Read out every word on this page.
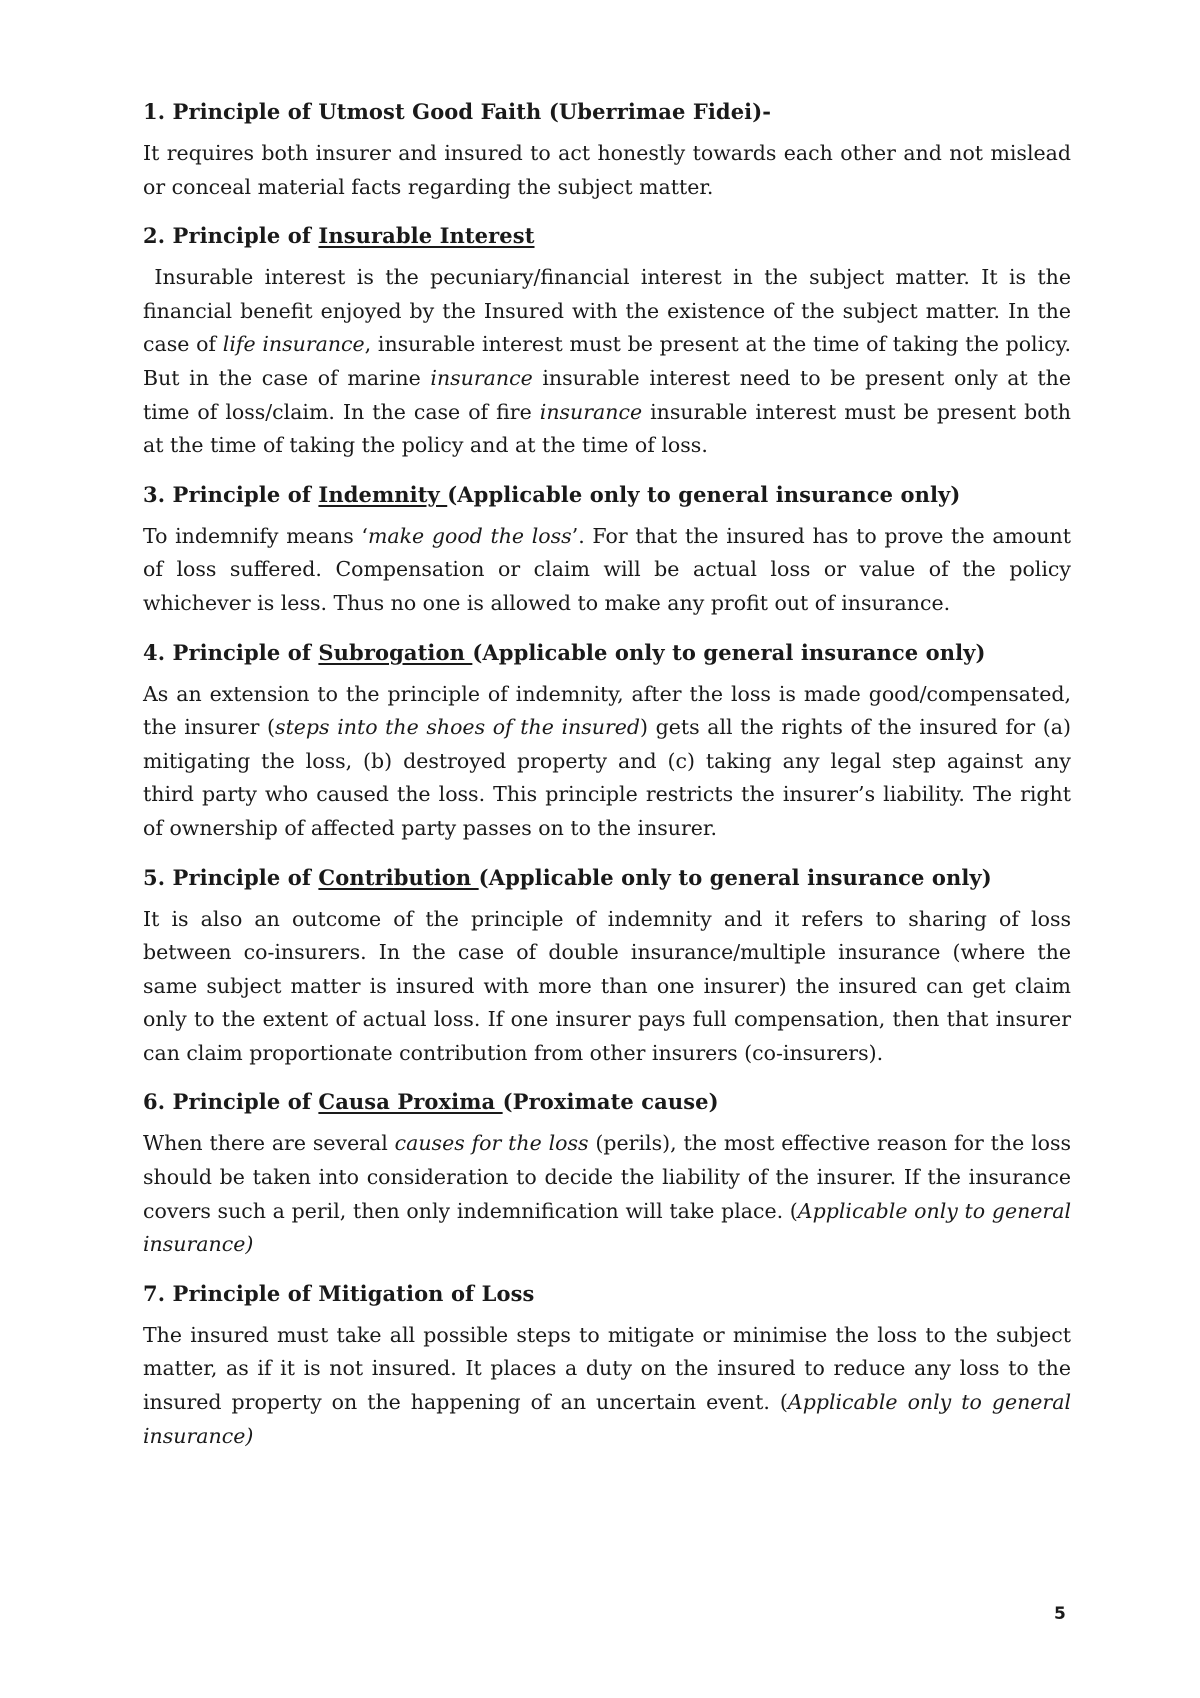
1. Principle of Utmost Good Faith (Uberrimae Fidei)-

It requires both insurer and insured to act honestly towards each other and not mislead or conceal material facts regarding the subject matter.

2. Principle of Insurable Interest

Insurable interest is the pecuniary/financial interest in the subject matter. It is the financial benefit enjoyed by the Insured with the existence of the subject matter. In the case of life insurance, insurable interest must be present at the time of taking the policy. But in the case of marine insurance insurable interest need to be present only at the time of loss/claim. In the case of fire insurance insurable interest must be present both at the time of taking the policy and at the time of loss.

3. Principle of Indemnity (Applicable only to general insurance only)

To indemnify means ‘make good the loss’. For that the insured has to prove the amount of loss suffered. Compensation or claim will be actual loss or value of the policy whichever is less. Thus no one is allowed to make any profit out of insurance.

4. Principle of Subrogation (Applicable only to general insurance only)

As an extension to the principle of indemnity, after the loss is made good/compensated, the insurer (steps into the shoes of the insured) gets all the rights of the insured for (a) mitigating the loss, (b) destroyed property and (c) taking any legal step against any third party who caused the loss. This principle restricts the insurer’s liability. The right of ownership of affected party passes on to the insurer.

5. Principle of Contribution (Applicable only to general insurance only)

It is also an outcome of the principle of indemnity and it refers to sharing of loss between co-insurers. In the case of double insurance/multiple insurance (where the same subject matter is insured with more than one insurer) the insured can get claim only to the extent of actual loss. If one insurer pays full compensation, then that insurer can claim proportionate contribution from other insurers (co-insurers).

6. Principle of Causa Proxima (Proximate cause)

When there are several causes for the loss (perils), the most effective reason for the loss should be taken into consideration to decide the liability of the insurer. If the insurance covers such a peril, then only indemnification will take place. (Applicable only to general insurance)

7. Principle of Mitigation of Loss

The insured must take all possible steps to mitigate or minimise the loss to the subject matter, as if it is not insured. It places a duty on the insured to reduce any loss to the insured property on the happening of an uncertain event. (Applicable only to general insurance)

5
